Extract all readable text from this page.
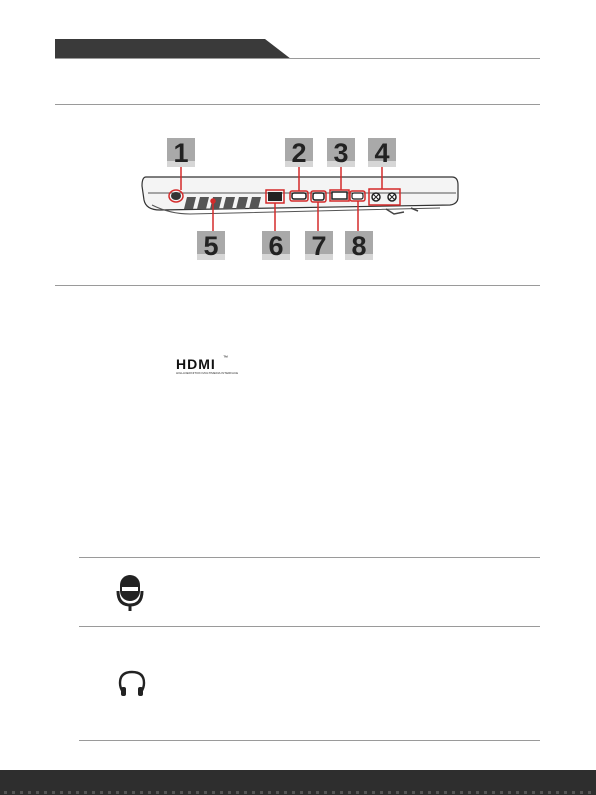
1	2 3 4
5 6 7 8
HDMI ™
HIGH-DEFINITION MULTIMEDIA INTERFACE
